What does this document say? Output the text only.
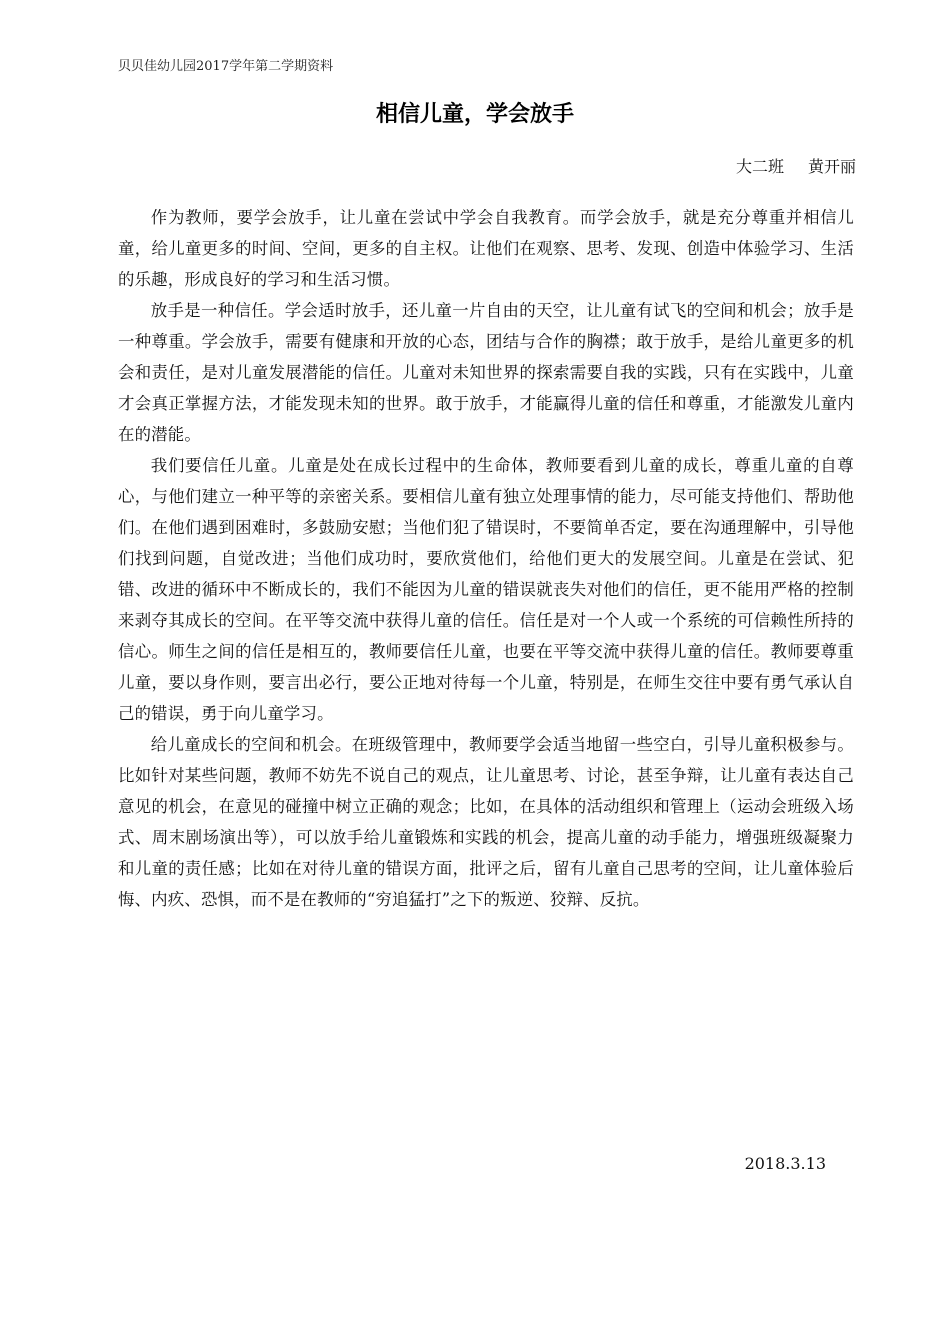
贝贝佳幼儿园2017学年第二学期资料
相信儿童，学会放手
大二班 黄开丽

作为教师，要学会放手，让儿童在尝试中学会自我教育。而学会放手，就是充分尊重并相信儿童，给儿童更多的时间、空间，更多的自主权。让他们在观察、思考、发现、创造中体验学习、生活的乐趣，形成良好的学习和生活习惯。

放手是一种信任。学会适时放手，还儿童一片自由的天空，让儿童有试飞的空间和机会；放手是一种尊重。学会放手，需要有健康和开放的心态，团结与合作的胸襟；敢于放手，是给儿童更多的机会和责任，是对儿童发展潜能的信任。儿童对未知世界的探索需要自我的实践，只有在实践中，儿童才会真正掌握方法，才能发现未知的世界。敢于放手，才能赢得儿童的信任和尊重，才能激发儿童内在的潜能。

我们要信任儿童。儿童是处在成长过程中的生命体，教师要看到儿童的成长，尊重儿童的自尊心，与他们建立一种平等的亲密关系。要相信儿童有独立处理事情的能力，尽可能支持他们、帮助他们。在他们遇到困难时，多鼓励安慰；当他们犯了错误时，不要简单否定，要在沟通理解中，引导他们找到问题，自觉改进；当他们成功时，要欣赏他们，给他们更大的发展空间。儿童是在尝试、犯错、改进的循环中不断成长的，我们不能因为儿童的错误就丧失对他们的信任，更不能用严格的控制来剥夺其成长的空间。在平等交流中获得儿童的信任。信任是对一个人或一个系统的可信赖性所持的信心。师生之间的信任是相互的，教师要信任儿童，也要在平等交流中获得儿童的信任。教师要尊重儿童，要以身作则，要言出必行，要公正地对待每一个儿童，特别是，在师生交往中要有勇气承认自己的错误，勇于向儿童学习。

给儿童成长的空间和机会。在班级管理中，教师要学会适当地留一些空白，引导儿童积极参与。比如针对某些问题，教师不妨先不说自己的观点，让儿童思考、讨论，甚至争辩，让儿童有表达自己意见的机会，在意见的碰撞中树立正确的观念；比如，在具体的活动组织和管理上（运动会班级入场式、周末剧场演出等），可以放手给儿童锻炼和实践的机会，提高儿童的动手能力，增强班级凝聚力和儿童的责任感；比如在对待儿童的错误方面，批评之后，留有儿童自己思考的空间，让儿童体验后悔、内疚、恐惧，而不是在教师的“穷追猛打”之下的叛逆、狡辩、反抗。

2018.3.13
